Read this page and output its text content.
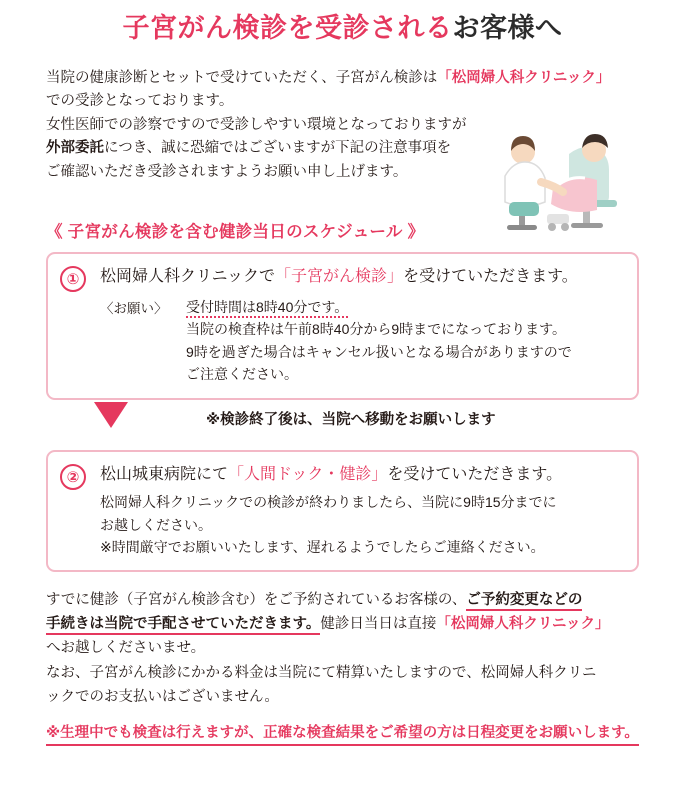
子宮がん検診を受診されるお客様へ
当院の健康診断とセットで受けていただく、子宮がん検診は「松岡婦人科クリニック」
での受診となっております。
女性医師での診察ですので受診しやすい環境となっておりますが
外部委託につき、誠に恐縮ではございますが下記の注意事項を
ご確認いただき受診されますようお願い申し上げます。
《 子宮がん検診を含む健診当日のスケジュール 》
①	松岡婦人科クリニックで「子宮がん検診」を受けていただきます。
〈お願い〉	受付時間は8時40分です。
当院の検査枠は午前8時40分から9時までになっております。
9時を過ぎた場合はキャンセル扱いとなる場合がありますので
ご注意ください。
※検診終了後は、当院へ移動をお願いします
②	松山城東病院にて「人間ドック・健診」を受けていただきます。
松岡婦人科クリニックでの検診が終わりましたら、当院に9時15分までに
お越しください。
※時間厳守でお願いいたします、遅れるようでしたらご連絡ください。
すでに健診（子宮がん検診含む）をご予約されているお客様の、ご予約変更などの
手続きは当院で手配させていただきます。健診日当日は直接「松岡婦人科クリニック」
へお越しくださいませ。
なお、子宮がん検診にかかる料金は当院にて精算いたしますので、松岡婦人科クリニ
ックでのお支払いはございません。
※生理中でも検査は行えますが、正確な検査結果をご希望の方は日程変更をお願いします。
